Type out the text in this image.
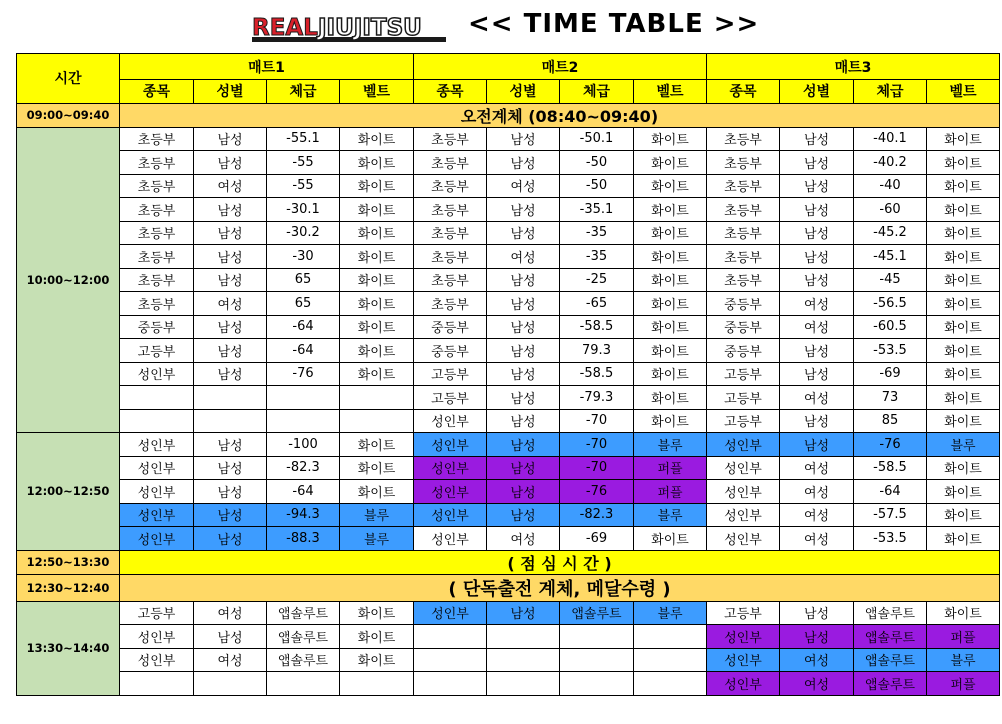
REAL JIUJITSU << TIME TABLE >>
시간	매트1				매트2				매트3			
	종목	성별	체급	벨트	종목	성별	체급	벨트	종목	성별	체급	벨트
09:00~09:40	오전계체 (08:40~09:40)											
10:00~12:00	초등부	남성	-55.1	화이트	초등부	남성	-50.1	화이트	초등부	남성	-40.1	화이트
	초등부	남성	-55	화이트	초등부	남성	-50	화이트	초등부	남성	-40.2	화이트
	초등부	여성	-55	화이트	초등부	여성	-50	화이트	초등부	남성	-40	화이트
	초등부	남성	-30.1	화이트	초등부	남성	-35.1	화이트	초등부	남성	-60	화이트
	초등부	남성	-30.2	화이트	초등부	남성	-35	화이트	초등부	남성	-45.2	화이트
	초등부	남성	-30	화이트	초등부	여성	-35	화이트	초등부	남성	-45.1	화이트
	초등부	남성	65	화이트	초등부	남성	-25	화이트	초등부	남성	-45	화이트
	초등부	여성	65	화이트	초등부	남성	-65	화이트	중등부	여성	-56.5	화이트
	중등부	남성	-64	화이트	중등부	남성	-58.5	화이트	중등부	여성	-60.5	화이트
	고등부	남성	-64	화이트	중등부	남성	79.3	화이트	중등부	남성	-53.5	화이트
	성인부	남성	-76	화이트	고등부	남성	-58.5	화이트	고등부	남성	-69	화이트
					고등부	남성	-79.3	화이트	고등부	여성	73	화이트
					성인부	남성	-70	화이트	고등부	남성	85	화이트
12:00~12:50	성인부	남성	-100	화이트	성인부	남성	-70	블루	성인부	남성	-76	블루
	성인부	남성	-82.3	화이트	성인부	남성	-70	퍼플	성인부	여성	-58.5	화이트
	성인부	남성	-64	화이트	성인부	남성	-76	퍼플	성인부	여성	-64	화이트
	성인부	남성	-94.3	블루	성인부	남성	-82.3	블루	성인부	여성	-57.5	화이트
	성인부	남성	-88.3	블루	성인부	여성	-69	화이트	성인부	여성	-53.5	화이트
12:50~13:30	( 점 심 시 간 )											
12:30~12:40	( 단독출전 계체, 메달수령 )											
13:30~14:40	고등부	여성	앱솔루트	화이트	성인부	남성	앱솔루트	블루	고등부	남성	앱솔루트	화이트
	성인부	남성	앱솔루트	화이트					성인부	남성	앱솔루트	퍼플
	성인부	여성	앱솔루트	화이트					성인부	여성	앱솔루트	블루
									성인부	여성	앱솔루트	퍼플
